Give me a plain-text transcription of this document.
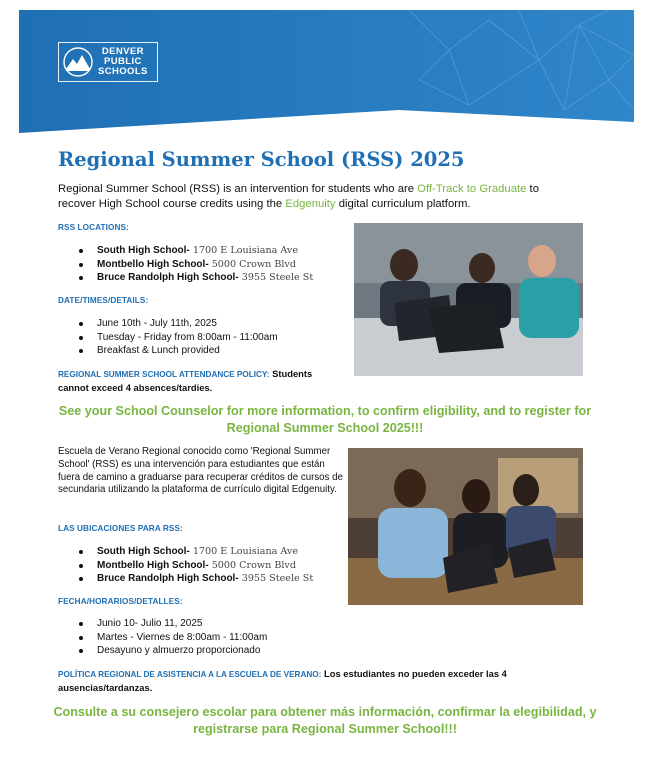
DENVER
PUBLIC
SCHOOLS
Regional Summer School (RSS) 2025

Regional Summer School (RSS) is an intervention for students who are Off-Track to Graduate to recover High School course credits using the Edgenuity digital curriculum platform.

RSS LOCATIONS:

South High School- 1700 E Louisiana Ave
Montbello High School- 5000 Crown Blvd
Bruce Randolph High School- 3955 Steele St

DATE/TIMES/DETAILS:

June 10th - July 11th, 2025
Tuesday - Friday from 8:00am - 11:00am
Breakfast & Lunch provided

REGIONAL SUMMER SCHOOL ATTENDANCE POLICY: Students cannot exceed 4 absences/tardies.

See your School Counselor for more information, to confirm eligibility, and to register for Regional Summer School 2025!!!

Escuela de Verano Regional conocido como 'Regional Summer School' (RSS) es una intervención para estudiantes que están fuera de camino a graduarse para recuperar créditos de cursos de secundaria utilizando la plataforma de currículo digital Edgenuity.

LAS UBICACIONES PARA RSS:

South High School- 1700 E Louisiana Ave
Montbello High School- 5000 Crown Blvd
Bruce Randolph High School- 3955 Steele St

FECHA/HORARIOS/DETALLES:

Junio 10- Julio 11, 2025
Martes - Viernes de 8:00am - 11:00am
Desayuno y almuerzo proporcionado

POLÍTICA REGIONAL DE ASISTENCIA A LA ESCUELA DE VERANO: Los estudiantes no pueden exceder las 4 ausencias/tardanzas.

Consulte a su consejero escolar para obtener más información, confirmar la elegibilidad, y registrarse para Regional Summer School!!!
